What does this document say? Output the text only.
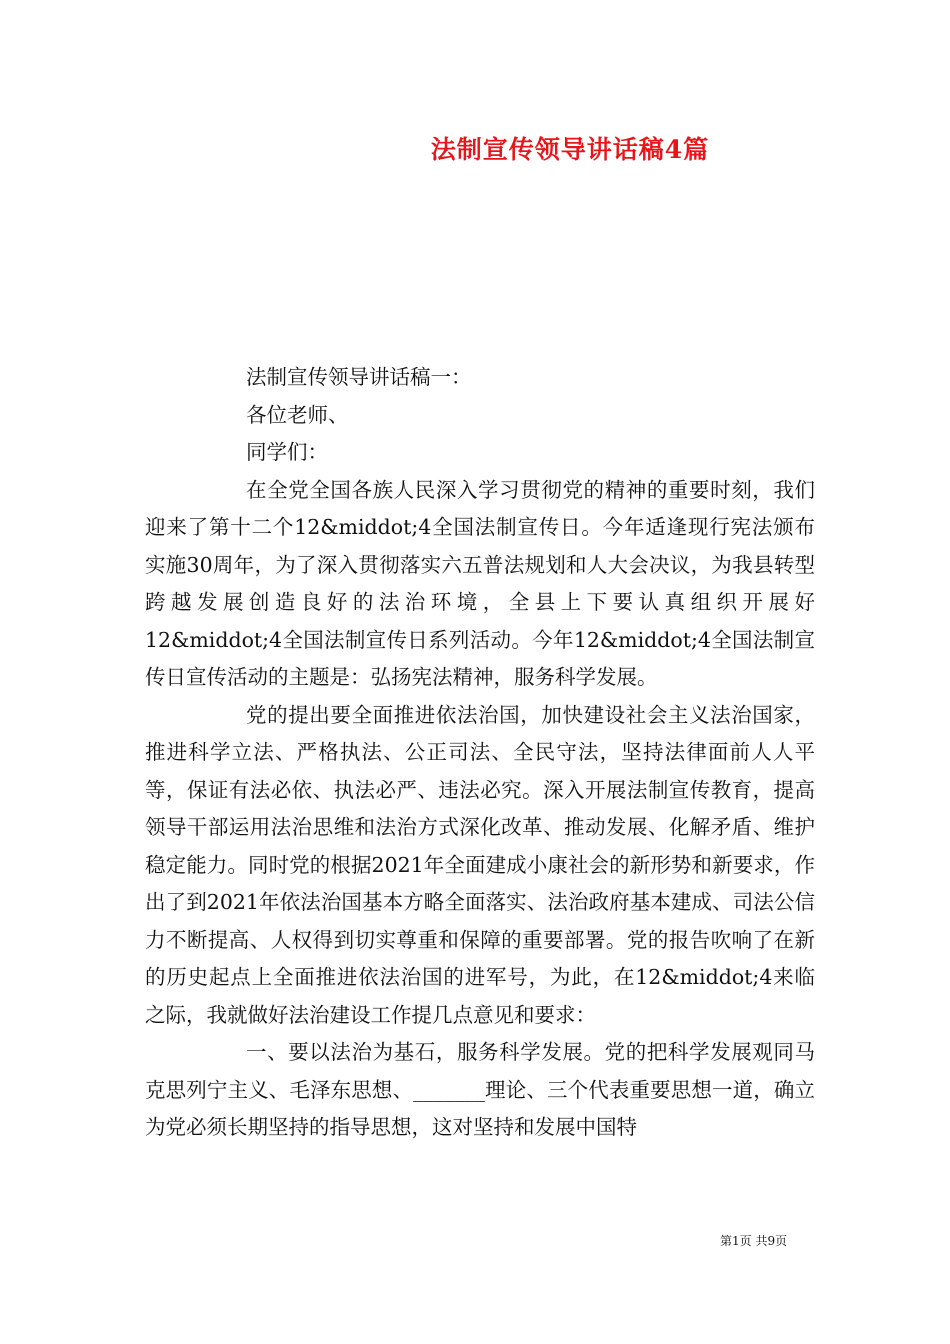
法制宣传领导讲话稿4篇

法制宣传领导讲话稿一：

各位老师、

同学们：

在全党全国各族人民深入学习贯彻党的精神的重要时刻，我们迎来了第十二个12&middot;4全国法制宣传日。今年适逢现行宪法颁布实施30周年，为了深入贯彻落实六五普法规划和人大会决议，为我县转型跨越发展创造良好的法治环境，全县上下要认真组织开展好12&middot;4全国法制宣传日系列活动。今年12&middot;4全国法制宣传日宣传活动的主题是：弘扬宪法精神，服务科学发展。

党的提出要全面推进依法治国，加快建设社会主义法治国家，推进科学立法、严格执法、公正司法、全民守法，坚持法律面前人人平等，保证有法必依、执法必严、违法必究。深入开展法制宣传教育，提高领导干部运用法治思维和法治方式深化改革、推动发展、化解矛盾、维护稳定能力。同时党的根据2021年全面建成小康社会的新形势和新要求，作出了到2021年依法治国基本方略全面落实、法治政府基本建成、司法公信力不断提高、人权得到切实尊重和保障的重要部署。党的报告吹响了在新的历史起点上全面推进依法治国的进军号，为此，在12&middot;4来临之际，我就做好法治建设工作提几点意见和要求：

一、要以法治为基石，服务科学发展。党的把科学发展观同马克思列宁主义、毛泽东思想、_______理论、三个代表重要思想一道，确立为党必须长期坚持的指导思想，这对坚持和发展中国特

第1页 共9页
